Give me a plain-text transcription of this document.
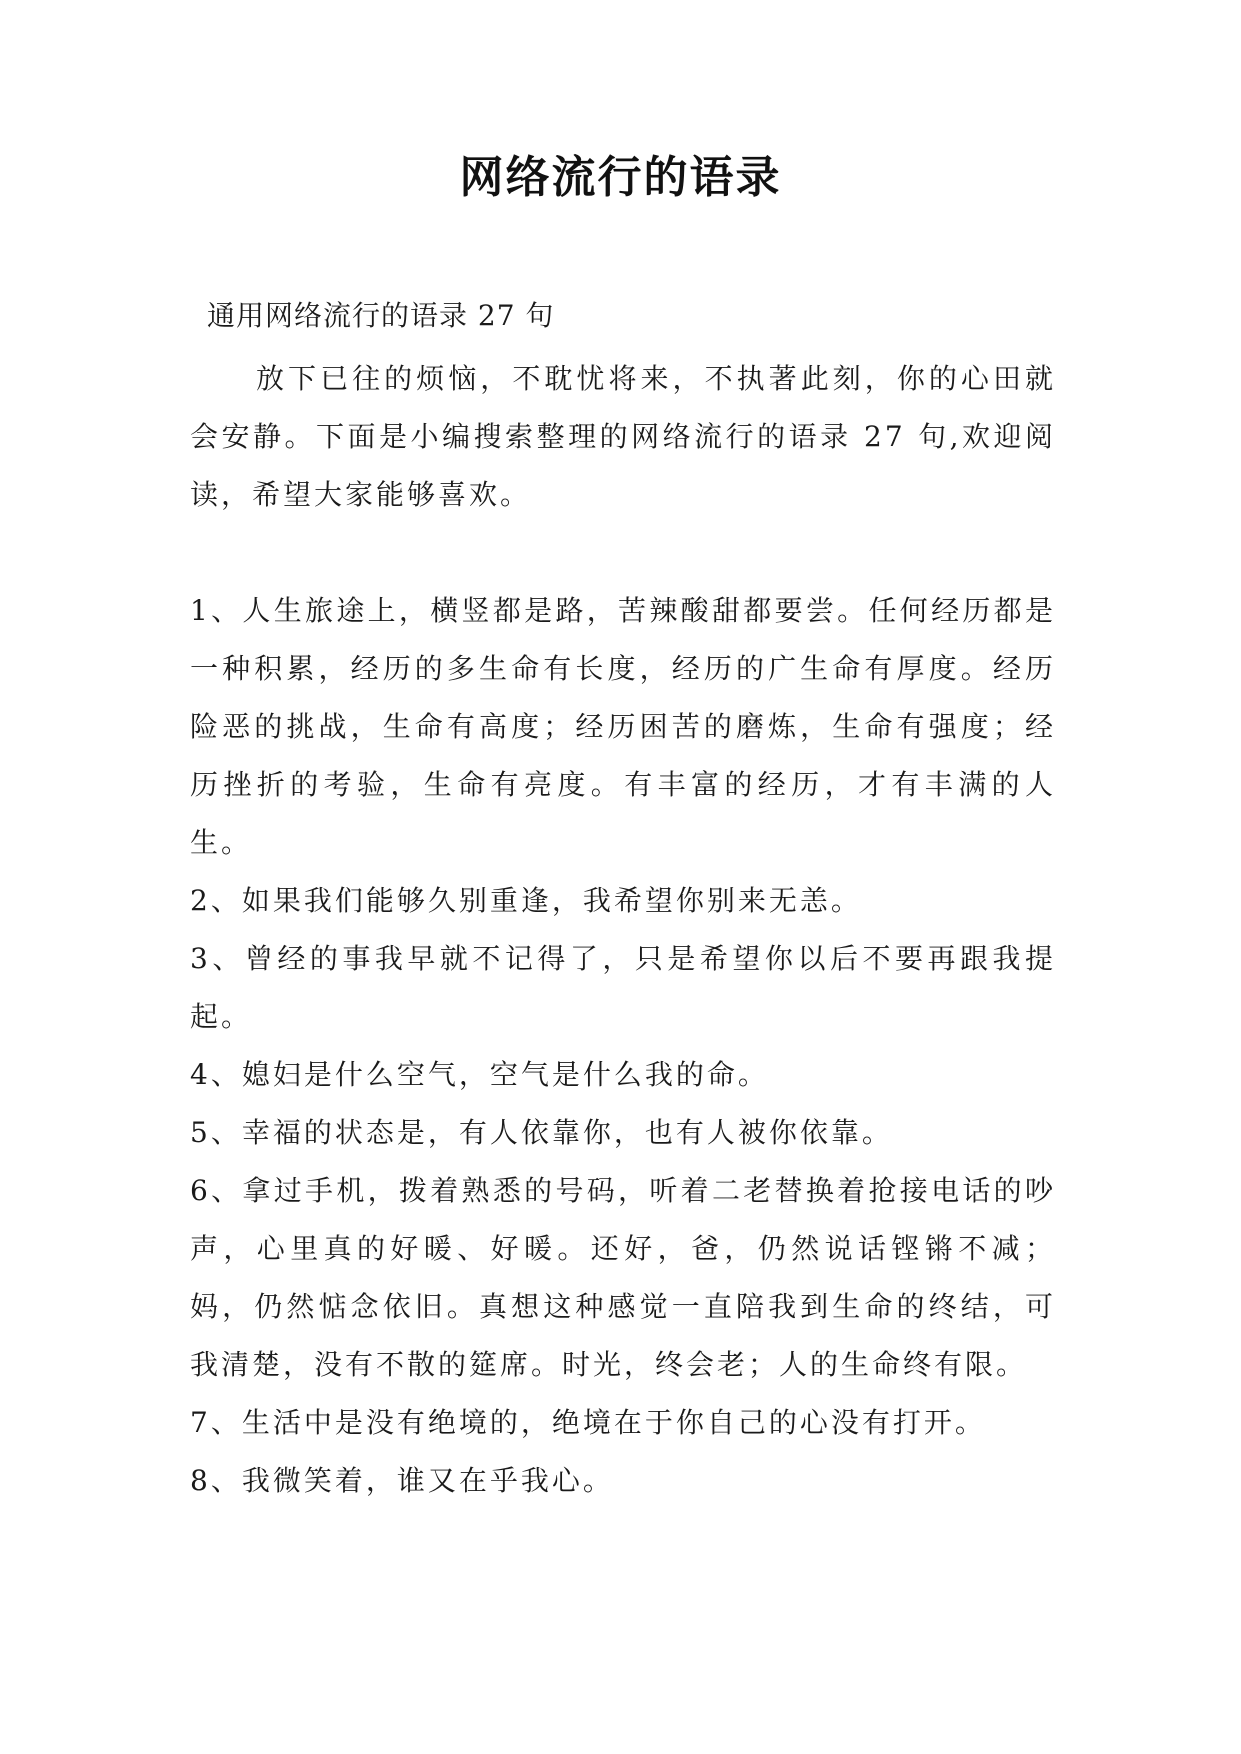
网络流行的语录
通用网络流行的语录 27 句

放下已往的烦恼，不耽忧将来，不执著此刻，你的心田就会安静。下面是小编搜索整理的网络流行的语录 27 句,欢迎阅读，希望大家能够喜欢。

1、人生旅途上，横竖都是路，苦辣酸甜都要尝。任何经历都是一种积累，经历的多生命有长度，经历的广生命有厚度。经历险恶的挑战，生命有高度；经历困苦的磨炼，生命有强度；经历挫折的考验，生命有亮度。有丰富的经历，才有丰满的人生。

2、如果我们能够久别重逢，我希望你别来无恙。

3、曾经的事我早就不记得了，只是希望你以后不要再跟我提起。

4、媳妇是什么空气，空气是什么我的命。

5、幸福的状态是，有人依靠你，也有人被你依靠。

6、拿过手机，拨着熟悉的号码，听着二老替换着抢接电话的吵声，心里真的好暖、好暖。还好，爸，仍然说话铿锵不减；妈，仍然惦念依旧。真想这种感觉一直陪我到生命的终结，可我清楚，没有不散的筵席。时光，终会老；人的生命终有限。

7、生活中是没有绝境的，绝境在于你自己的心没有打开。

8、我微笑着，谁又在乎我心。
